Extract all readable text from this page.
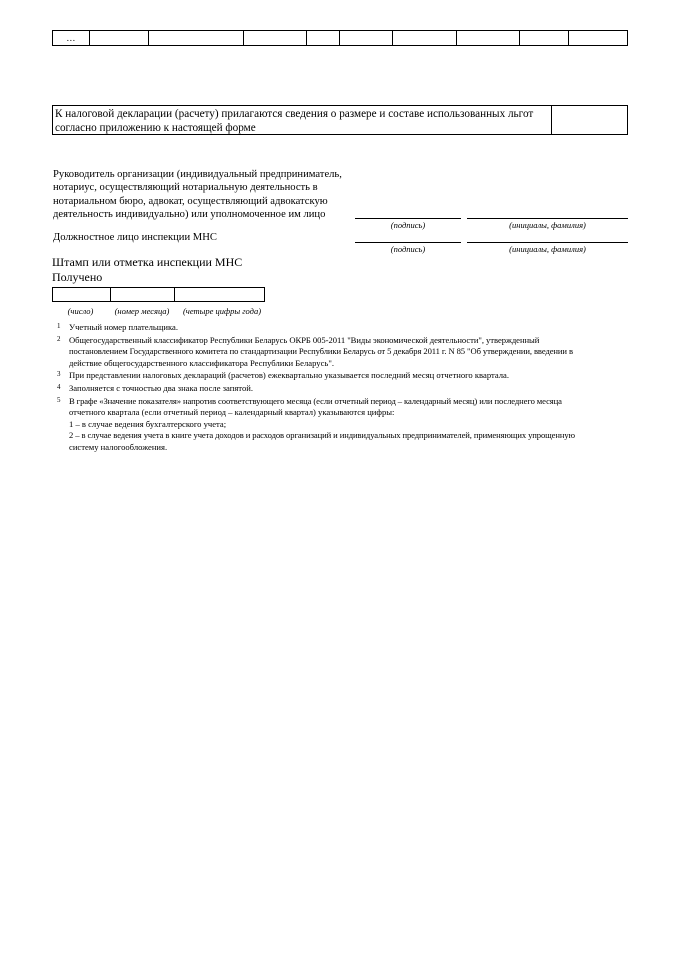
…									
К налоговой декларации (расчету) прилагаются сведения о размере и составе использованных льгот
согласно приложению к настоящей форме
Руководитель организации (индивидуальный предприниматель,
нотариус, осуществляющий нотариальную деятельность в
нотариальном бюро, адвокат, осуществляющий адвокатскую
деятельность индивидуально) или уполномоченное им лицо
(подпись)	(инициалы, фамилия)
Должностное лицо инспекции МНС
(подпись)	(инициалы, фамилия)
Штамп или отметка инспекции МНС
Получено
(число)	(номер месяца)	(четыре цифры года)
1 Учетный номер плательщика.
2 Общегосударственный классификатор Республики Беларусь ОКРБ 005-2011 "Виды экономической деятельности", утвержденный
постановлением Государственного комитета по стандартизации Республики Беларусь от 5 декабря 2011 г. N 85 "Об утверждении, введении в
действие общегосударственного классификатора Республики Беларусь".
3 При представлении налоговых деклараций (расчетов) ежеквартально указывается последний месяц отчетного квартала.
4 Заполняется с точностью два знака после запятой.
5 В графе «Значение показателя» напротив соответствующего месяца (если отчетный период – календарный месяц) или последнего месяца
отчетного квартала (если отчетный период – календарный квартал) указываются цифры:
1 – в случае ведения бухгалтерского учета;
2 – в случае ведения учета в книге учета доходов и расходов организаций и индивидуальных предпринимателей, применяющих упрощенную
систему налогообложения.
